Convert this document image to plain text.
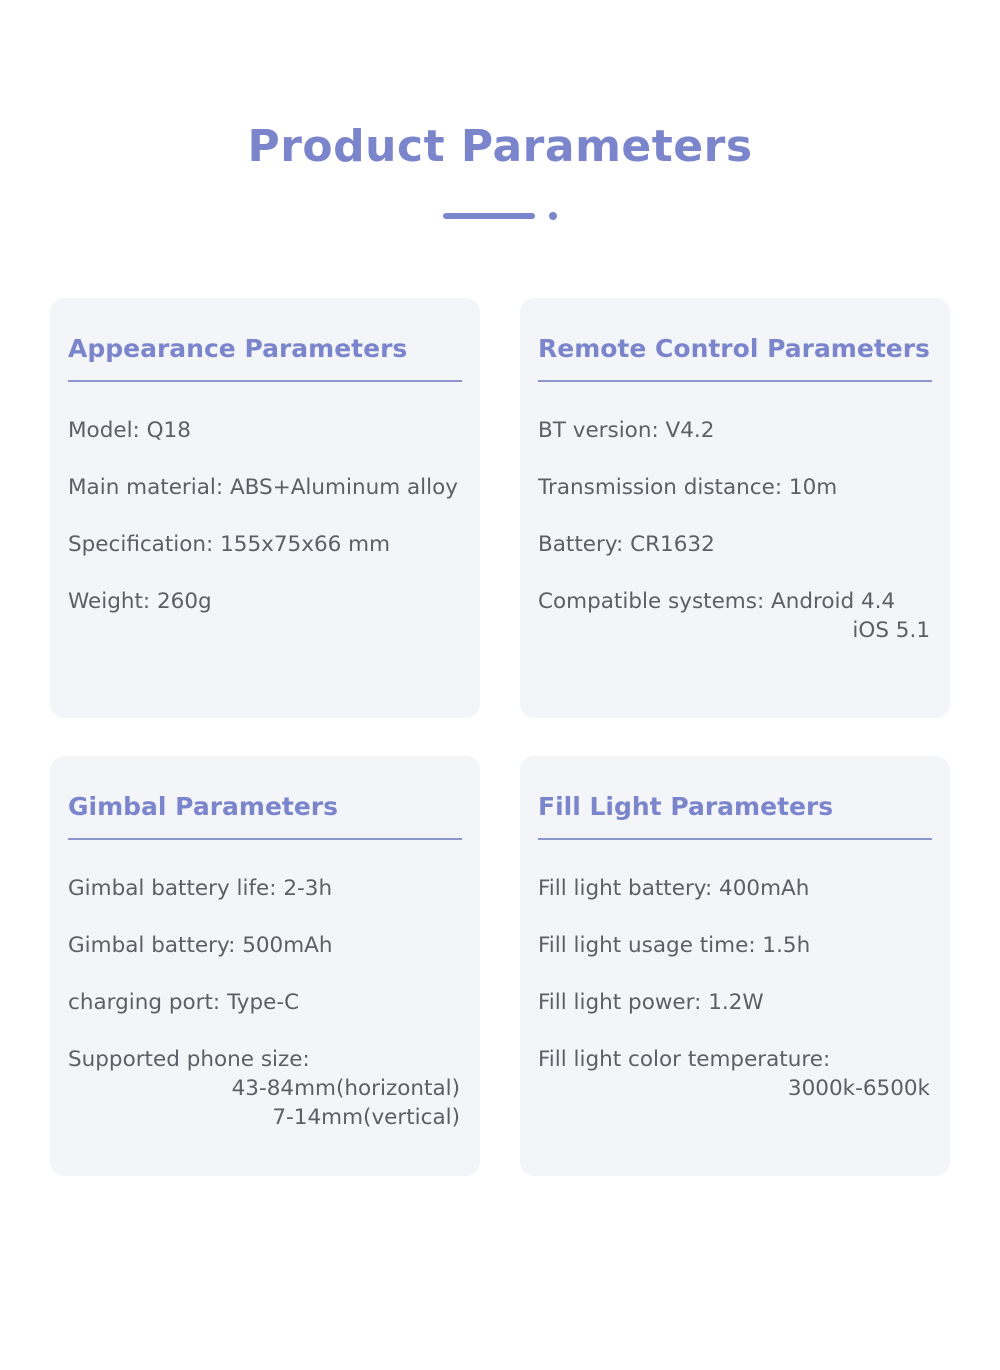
Product Parameters
Appearance Parameters
Model: Q18
Main material: ABS+Aluminum alloy
Specification: 155x75x66 mm
Weight: 260g
Remote Control Parameters
BT version: V4.2
Transmission distance: 10m
Battery: CR1632
Compatible systems: Android 4.4
iOS 5.1
Gimbal Parameters
Gimbal battery life: 2-3h
Gimbal battery: 500mAh
charging port: Type-C
Supported phone size:
43-84mm(horizontal)
7-14mm(vertical)
Fill Light Parameters
Fill light battery: 400mAh
Fill light usage time: 1.5h
Fill light power: 1.2W
Fill light color temperature:
3000k-6500k
